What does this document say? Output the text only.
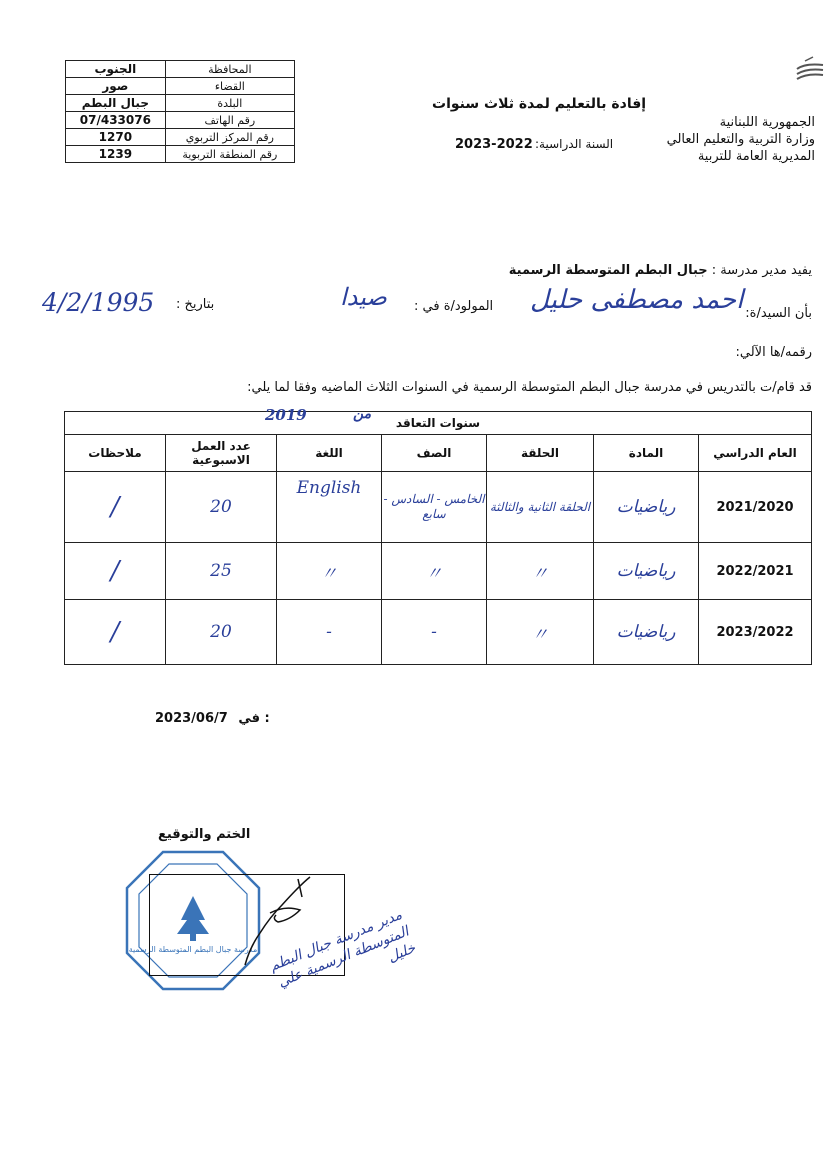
المحافظة	الجنوب
القضاء	صور
البلدة	جبال البطم
رقم الهاتف	07/433076
رقم المركز التربوي	1270
رقم المنطقة التربوية	1239
الجمهورية اللبنانية
وزارة التربية والتعليم العالي
المديرية العامة للتربية
إفادة بالتعليم لمدة ثلاث سنوات
السنة الدراسية:
2023-2022
يفيد مدير مدرسة : جبال البطم المتوسطة الرسمية
بأن السيد/ة:
احمد مصطفى حليل
المولود/ة في :
صيدا
بتاريخ :
4/2/1995
رقمه/ها الآلي:
قد قام/ت بالتدريس في مدرسة جبال البطم المتوسطة الرسمية في السنوات الثلاث الماضيه وفقا لما يلي:
سنوات التعاقد
من
2019						

العام الدراسي	المادة	الحلقة	الصف	اللغة	عدد العمل الاسبوعية	ملاحظات
2021/2020	رياضيات	الحلقة الثانية والثالثة	الخامس - السادس - سابع	English	20	/
2022/2021	رياضيات	〃	〃	〃	25	/
2023/2022	رياضيات	〃	-	-	20	/
2023/06/7 في :
الختم والتوقيع
مدرسة جبال البطم المتوسطة الرسمية مدير مدرسة جبال البطم المتوسطة الرسمية علي خليل
